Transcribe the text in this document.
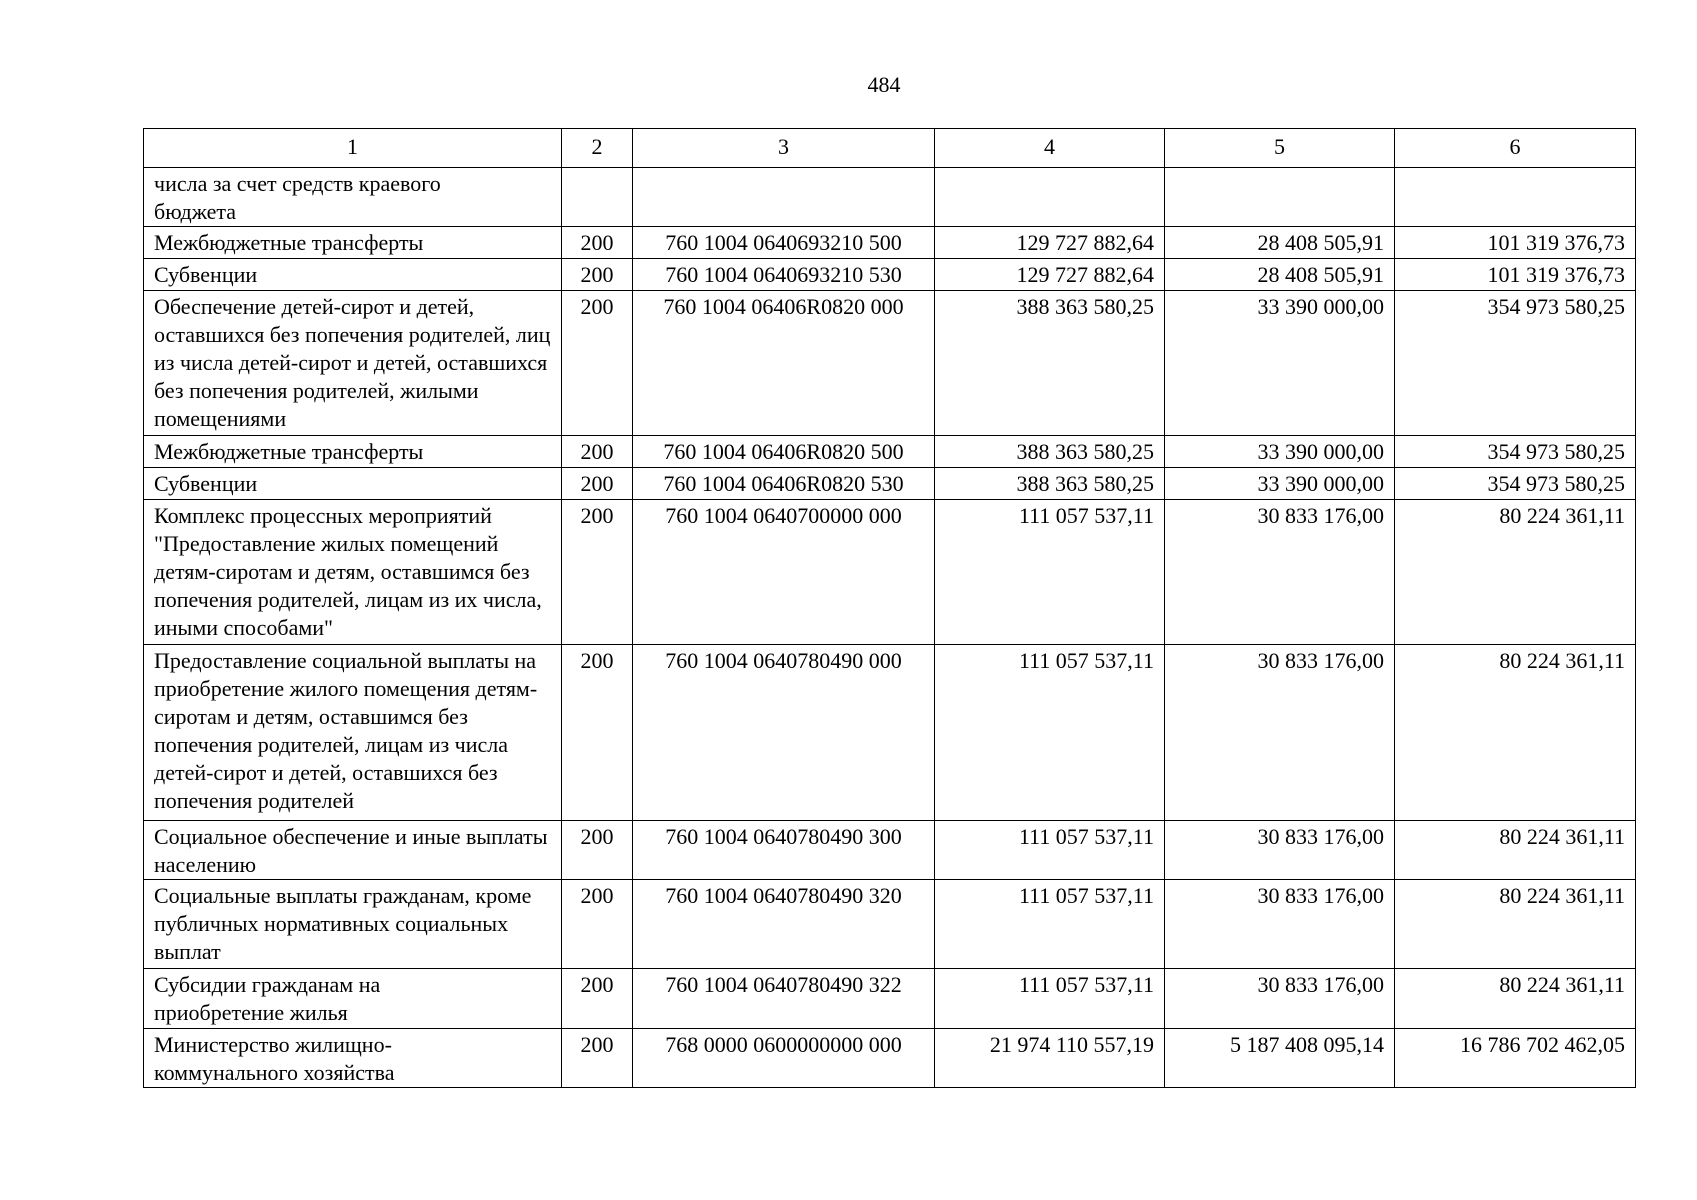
484
1	2	3	4	5	6
числа за счет средств краевого бюджета					
Межбюджетные трансферты	200	760 1004 0640693210 500	129 727 882,64	28 408 505,91	101 319 376,73
Субвенции	200	760 1004 0640693210 530	129 727 882,64	28 408 505,91	101 319 376,73
Обеспечение детей-сирот и детей, оставшихся без попечения родителей, лиц из числа детей-сирот и детей, оставшихся без попечения родителей, жилыми помещениями	200	760 1004 06406R0820 000	388 363 580,25	33 390 000,00	354 973 580,25
Межбюджетные трансферты	200	760 1004 06406R0820 500	388 363 580,25	33 390 000,00	354 973 580,25
Субвенции	200	760 1004 06406R0820 530	388 363 580,25	33 390 000,00	354 973 580,25
Комплекс процессных мероприятий "Предоставление жилых помещений детям-сиротам и детям, оставшимся без попечения родителей, лицам из их числа, иными способами"	200	760 1004 0640700000 000	111 057 537,11	30 833 176,00	80 224 361,11
Предоставление социальной выплаты на приобретение жилого помещения детям-сиротам и детям, оставшимся без попечения родителей, лицам из числа детей-сирот и детей, оставшихся без попечения родителей	200	760 1004 0640780490 000	111 057 537,11	30 833 176,00	80 224 361,11
Социальное обеспечение и иные выплаты населению	200	760 1004 0640780490 300	111 057 537,11	30 833 176,00	80 224 361,11
Социальные выплаты гражданам, кроме публичных нормативных социальных выплат	200	760 1004 0640780490 320	111 057 537,11	30 833 176,00	80 224 361,11
Субсидии гражданам на приобретение жилья	200	760 1004 0640780490 322	111 057 537,11	30 833 176,00	80 224 361,11
Министерство жилищно-коммунального хозяйства	200	768 0000 0600000000 000	21 974 110 557,19	5 187 408 095,14	16 786 702 462,05
